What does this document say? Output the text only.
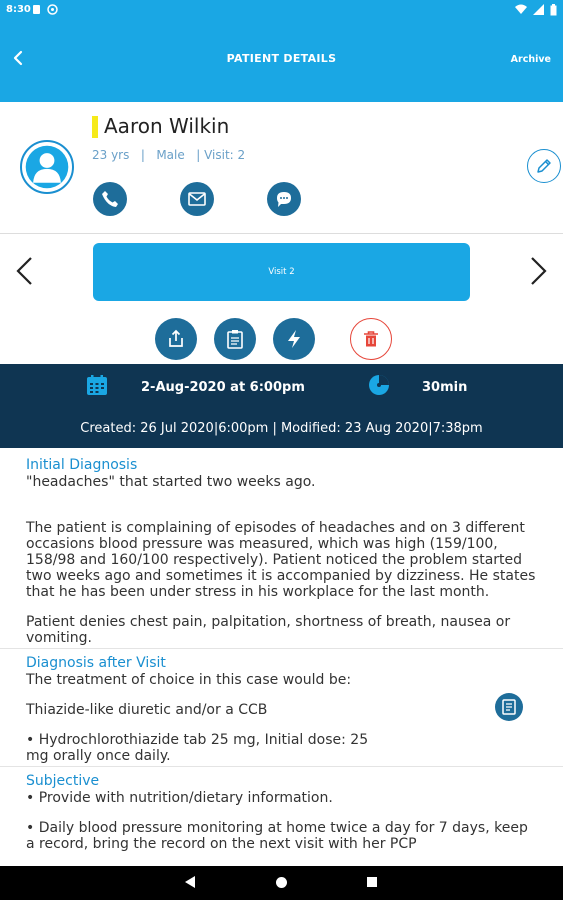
8:30
PATIENT DETAILS	Archive
Aaron Wilkin
23 yrs | Male | Visit: 2
Visit 2
2-Aug-2020 at 6:00pm	30min
Created: 26 Jul 2020|6:00pm | Modified: 23 Aug 2020|7:38pm
Initial Diagnosis

"headaches" that started two weeks ago.

The patient is complaining of episodes of headaches and on 3 different occasions blood pressure was measured, which was high (159/100, 158/98 and 160/100 respectively). Patient noticed the problem started two weeks ago and sometimes it is accompanied by dizziness. He states that he has been under stress in his workplace for the last month.

Patient denies chest pain, palpitation, shortness of breath, nausea or vomiting.

Diagnosis after Visit

The treatment of choice in this case would be:

Thiazide-like diuretic and/or a CCB

• Hydrochlorothiazide tab 25 mg, Initial dose: 25 mg orally once daily.

Subjective

• Provide with nutrition/dietary information.

• Daily blood pressure monitoring at home twice a day for 7 days, keep a record, bring the record on the next visit with her PCP
